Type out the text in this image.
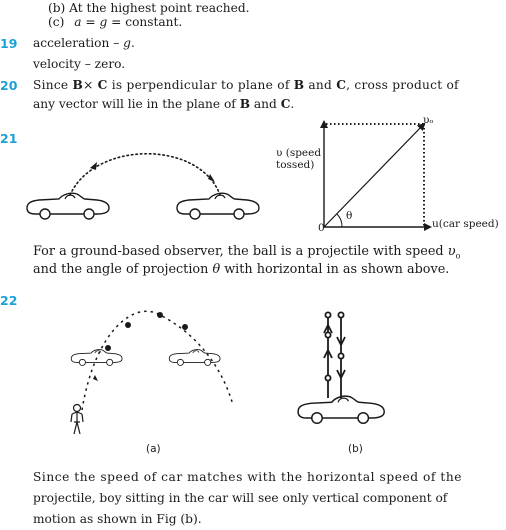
(b) At the highest point reached.
(c) a = g = constant.
19 acceleration – g.
velocity – zero.
20 Since B× C is perpendicular to plane of B and C, cross product of
any vector will lie in the plane of B and C.
21
υ (speed
tossed)
υₒ
0
θ
u(car speed)
(a)	(b)
For a ground-based observer, the ball is a projectile with speed $\upsilon_o$
and the angle of projection θ with horizontal in as shown above.
22
Since the speed of car matches with the horizontal speed of the
projectile, boy sitting in the car will see only vertical component of
motion as shown in Fig (b).
